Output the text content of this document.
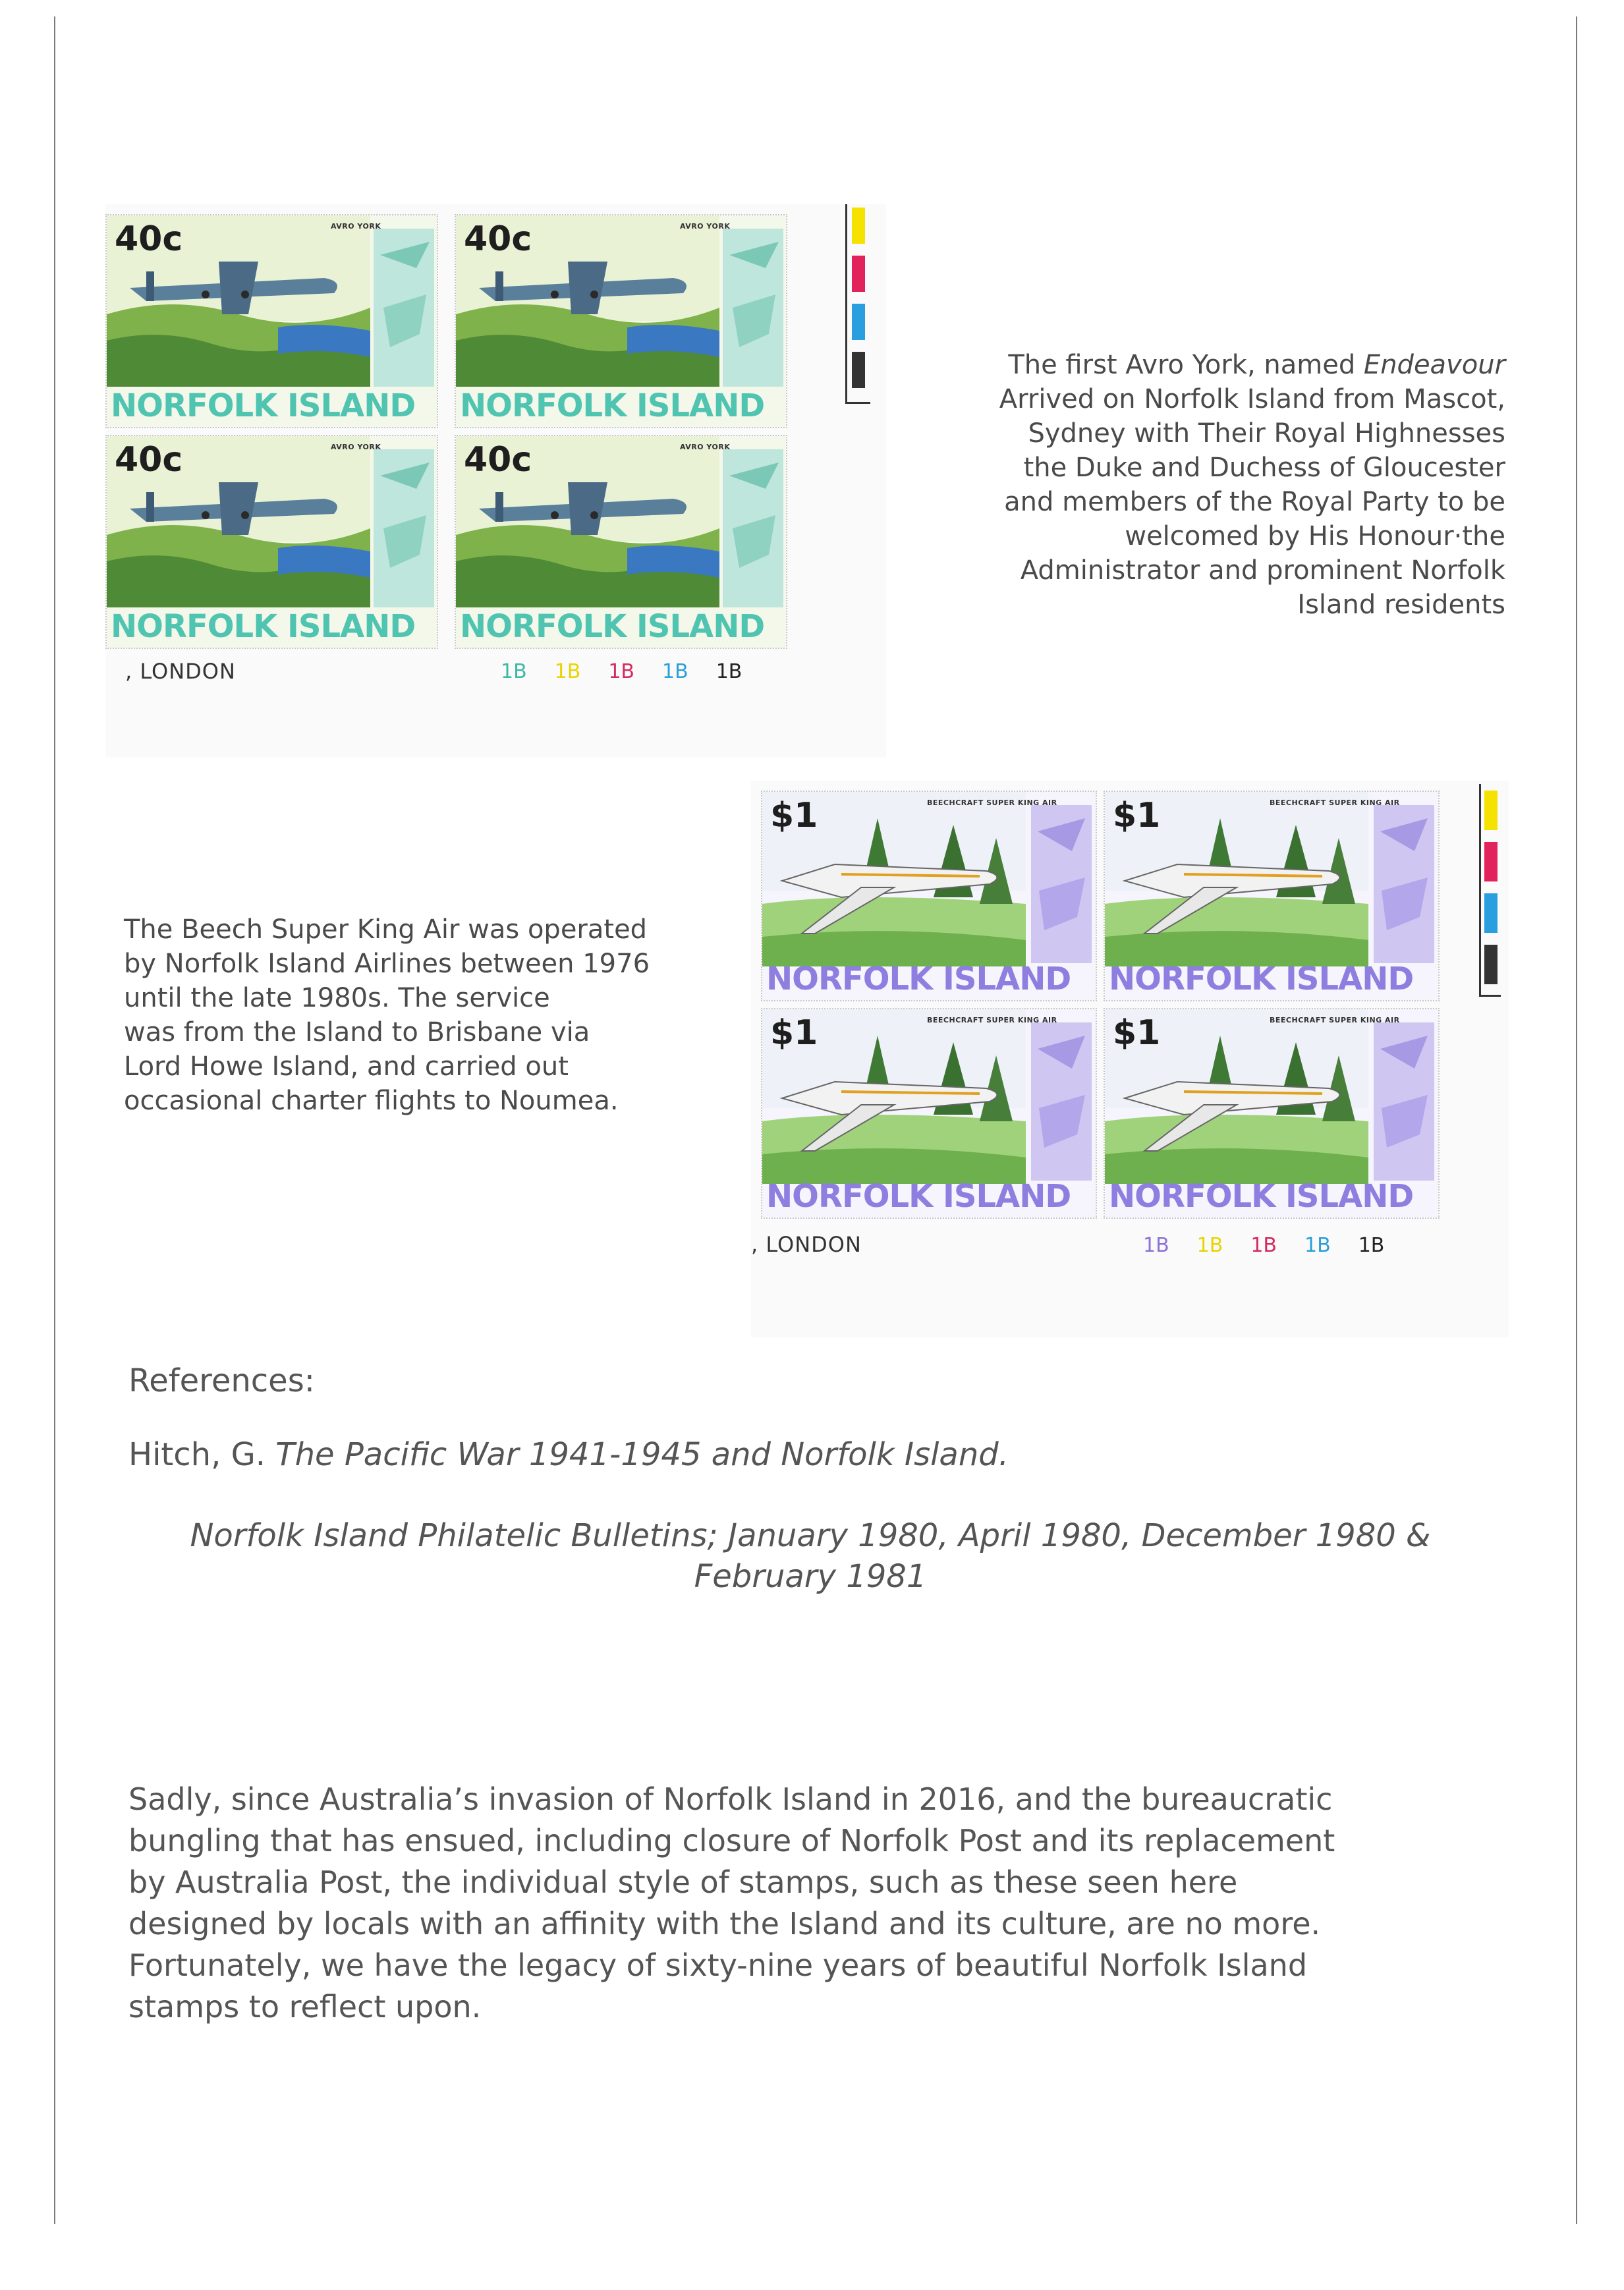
40c	AVRO YORK
NORFOLK ISLAND
40c	AVRO YORK
NORFOLK ISLAND
40c	AVRO YORK
NORFOLK ISLAND
40c	AVRO YORK
NORFOLK ISLAND
, LONDON	1B 1B 1B 1B 1B
The first Avro York, named Endeavour
Arrived on Norfolk Island from Mascot,
Sydney with Their Royal Highnesses
the Duke and Duchess of Gloucester
and members of the Royal Party to be
welcomed by His Honour·the
Administrator and prominent Norfolk
Island residents
The Beech Super King Air was operated
by Norfolk Island Airlines between 1976
until the late 1980s. The service
was from the Island to Brisbane via
Lord Howe Island, and carried out
occasional charter flights to Noumea.
$1	BEECHCRAFT SUPER KING AIR
NORFOLK ISLAND
$1	BEECHCRAFT SUPER KING AIR
NORFOLK ISLAND
$1	BEECHCRAFT SUPER KING AIR
NORFOLK ISLAND
$1	BEECHCRAFT SUPER KING AIR
NORFOLK ISLAND
, LONDON	1B 1B 1B 1B 1B
References:
Hitch, G. The Pacific War 1941-1945 and Norfolk Island.
Norfolk Island Philatelic Bulletins; January 1980, April 1980, December 1980 &
February 1981
Sadly, since Australia’s invasion of Norfolk Island in 2016, and the bureaucratic
bungling that has ensued, including closure of Norfolk Post and its replacement
by Australia Post, the individual style of stamps, such as these seen here
designed by locals with an affinity with the Island and its culture, are no more.
Fortunately, we have the legacy of sixty-nine years of beautiful Norfolk Island
stamps to reflect upon.
